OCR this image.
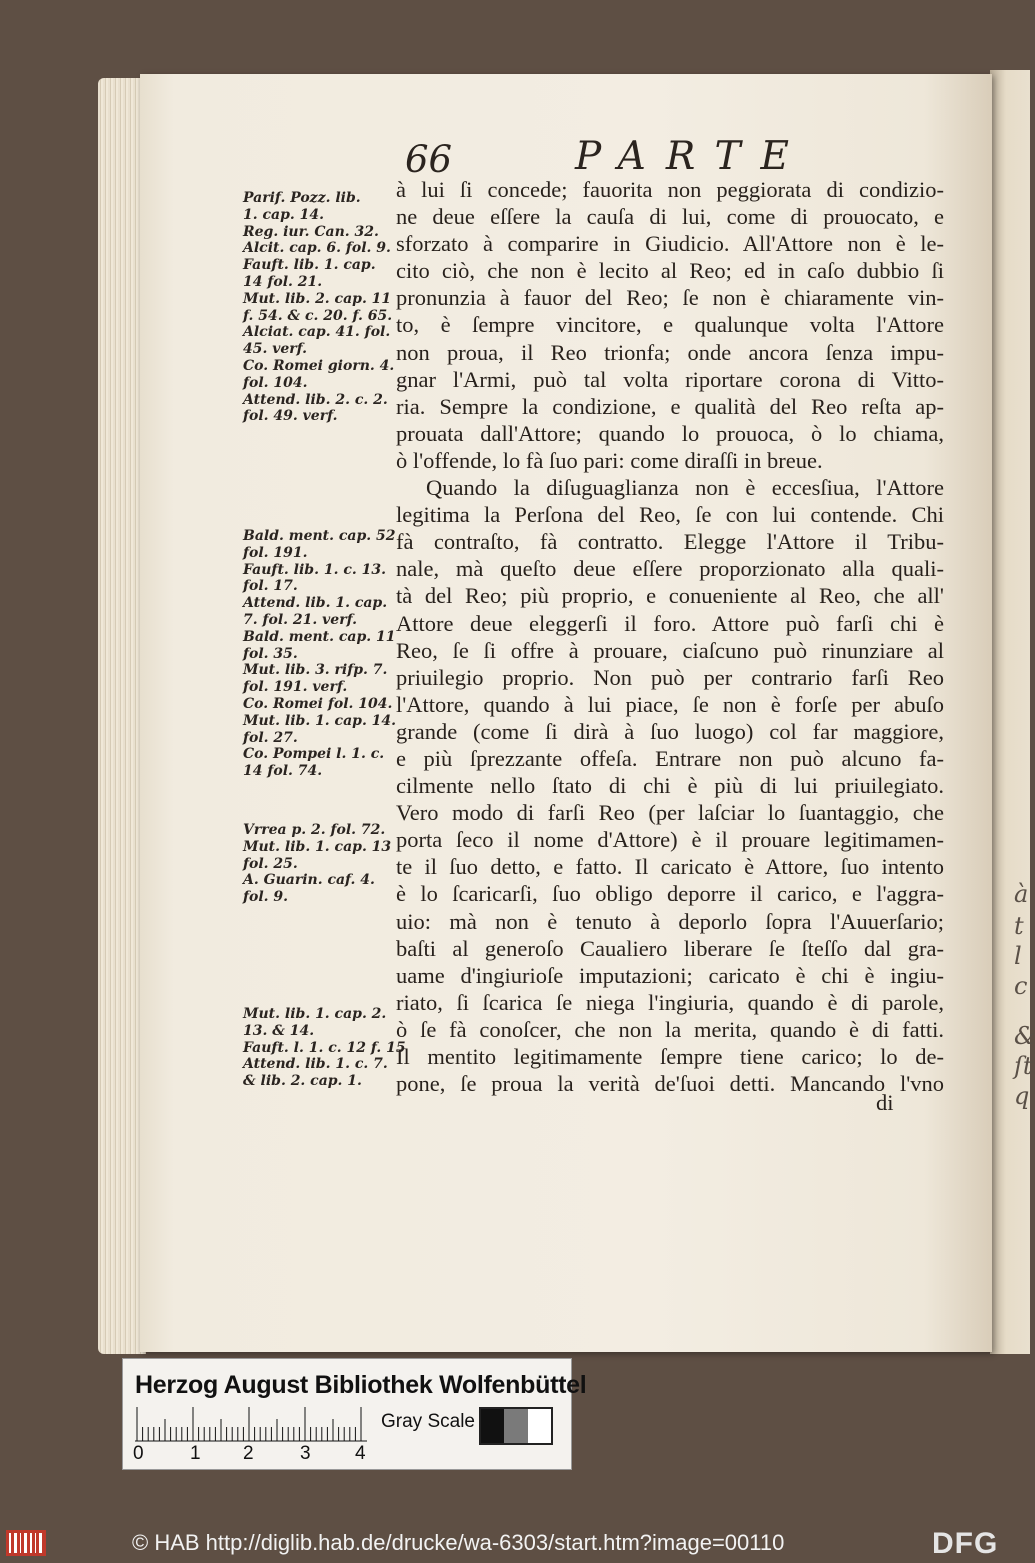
66	PARTE
Parif. Pozz. lib.
1. cap. 14.
Reg. iur. Can. 32.
Alcit. cap. 6. fol. 9.
Fauft. lib. 1. cap.
14 fol. 21.
Mut. lib. 2. cap. 11
f. 54. & c. 20. f. 65.
Alciat. cap. 41. fol.
45. verf.
Co. Romei giorn. 4.
fol. 104.
Attend. lib. 2. c. 2.
fol. 49. verf.
Bald. ment. cap. 52
fol. 191.
Fauft. lib. 1. c. 13.
fol. 17.
Attend. lib. 1. cap.
7. fol. 21. verf.
Bald. ment. cap. 11
fol. 35.
Mut. lib. 3. rifp. 7.
fol. 191. verf.
Co. Romei fol. 104.
Mut. lib. 1. cap. 14.
fol. 27.
Co. Pompei l. 1. c.
14 fol. 74.
Vrrea p. 2. fol. 72.
Mut. lib. 1. cap. 13
fol. 25.
A. Guarin. caf. 4.
fol. 9.
Mut. lib. 1. cap. 2.
13. & 14.
Fauft. l. 1. c. 12 f. 15
Attend. lib. 1. c. 7.
& lib. 2. cap. 1.
à lui ſi concede; fauorita non peggiorata di condizio-
ne deue eſſere la cauſa di lui, come di prouocato, e
sforzato à comparire in Giudicio. All'Attore non è le-
cito ciò, che non è lecito al Reo; ed in caſo dubbio ſi
pronunzia à fauor del Reo; ſe non è chiaramente vin-
to, è ſempre vincitore, e qualunque volta l'Attore
non proua, il Reo trionfa; onde ancora ſenza impu-
gnar l'Armi, può tal volta riportare corona di Vitto-
ria. Sempre la condizione, e qualità del Reo reſta ap-
prouata dall'Attore; quando lo prouoca, ò lo chiama,
ò l'offende, lo fà ſuo pari: come diraſſi in breue.
Quando la diſuguaglianza non è eccesſiua, l'Attore
legitima la Perſona del Reo, ſe con lui contende. Chi
fà contraſto, fà contratto. Elegge l'Attore il Tribu-
nale, mà queſto deue eſſere proporzionato alla quali-
tà del Reo; più proprio, e conueniente al Reo, che all'
Attore deue eleggerſi il foro. Attore può farſi chi è
Reo, ſe ſi offre à prouare, ciaſcuno può rinunziare al
priuilegio proprio. Non può per contrario farſi Reo
l'Attore, quando à lui piace, ſe non è forſe per abuſo
grande (come ſi dirà à ſuo luogo) col far maggiore,
e più ſprezzante offeſa. Entrare non può alcuno fa-
cilmente nello ſtato di chi è più di lui priuilegiato.
Vero modo di farſi Reo (per laſciar lo ſuantaggio, che
porta ſeco il nome d'Attore) è il prouare legitimamen-
te il ſuo detto, e fatto. Il caricato è Attore, ſuo intento
è lo ſcaricarſi, ſuo obligo deporre il carico, e l'aggra-
uio: mà non è tenuto à deporlo ſopra l'Auuerſario;
baſti al generoſo Caualiero liberare ſe ſteſſo dal gra-
uame d'ingiurioſe imputazioni; caricato è chi è ingiu-
riato, ſi ſcarica ſe niega l'ingiuria, quando è di parole,
ò ſe fà conoſcer, che non la merita, quando è di fatti.
Il mentito legitimamente ſempre tiene carico; lo de-
pone, ſe proua la verità de'ſuoi detti. Mancando l'vno
di
à
t
l
c
&
ſt
q
Herzog August Bibliothek Wolfenbüttel
0 1 2 3 4
Gray Scale
© HAB http://diglib.hab.de/drucke/wa-6303/start.htm?image=00110	DFG
